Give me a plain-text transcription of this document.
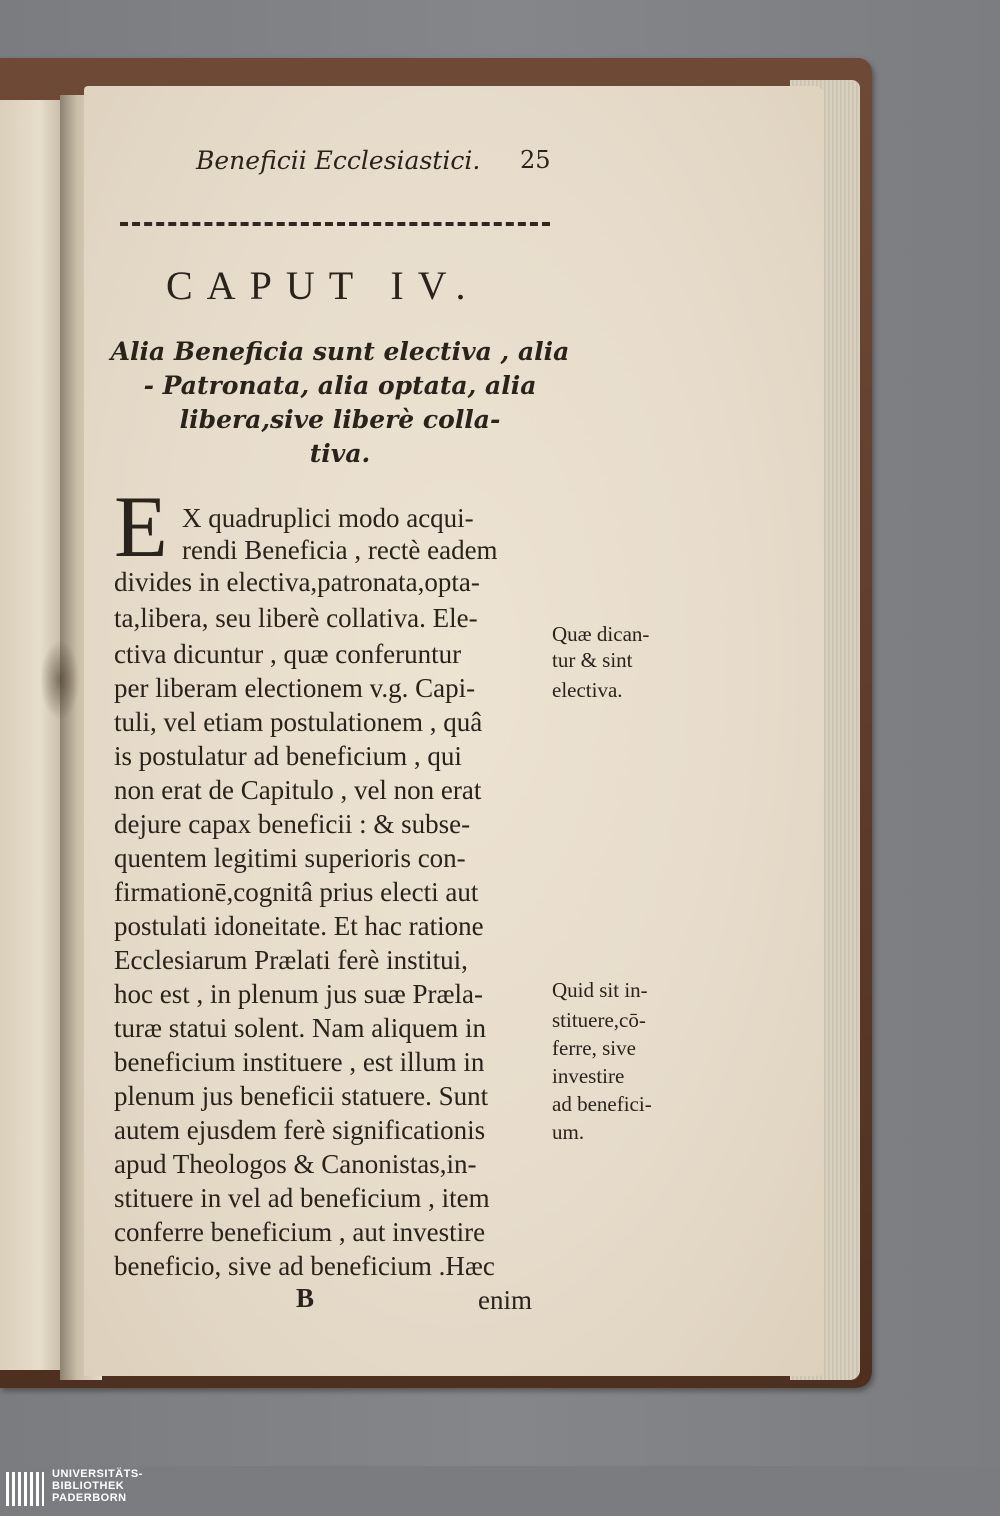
Beneficii Ecclesiastici. 25
CAPUT IV.
Alia Beneficia sunt electiva , alia
- Patronata, alia optata, alia
libera,sive liberè colla-
tiva.
E X quadruplici modo acqui-
rendi Beneficia , rectè eadem
divides in electiva,patronata,opta-
ta,libera, seu liberè collativa. Ele-
ctiva dicuntur , quæ conferuntur
per liberam electionem v.g. Capi-
tuli, vel etiam postulationem , quâ
is postulatur ad beneficium , qui
non erat de Capitulo , vel non erat
dejure capax beneficii : & subse-
quentem legitimi superioris con-
firmationē,cognitâ prius electi aut
postulati idoneitate. Et hac ratione
Ecclesiarum Prælati ferè institui,
hoc est , in plenum jus suæ Præla-
turæ statui solent. Nam aliquem in
beneficium instituere , est illum in
plenum jus beneficii statuere. Sunt
autem ejusdem ferè significationis
apud Theologos & Canonistas,in-
stituere in vel ad beneficium , item
conferre beneficium , aut investire
beneficio, sive ad beneficium .Hæc
B	enim
Quæ dican-
tur & sint
electiva.
Quid sit in-
stituere,cō-
ferre, sive
investire
ad benefici-
um.
UNIVERSITÄTS-
BIBLIOTHEK
PADERBORN
